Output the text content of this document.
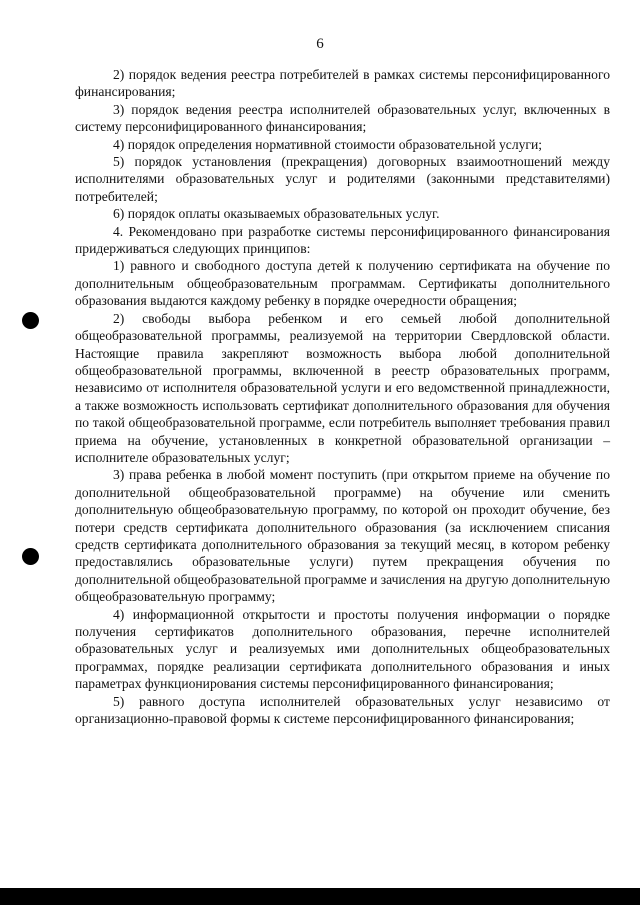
6

2) порядок ведения реестра потребителей в рамках системы персонифицированного финансирования;

3) порядок ведения реестра исполнителей образовательных услуг, включенных в систему персонифицированного финансирования;

4) порядок определения нормативной стоимости образовательной услуги;

5) порядок установления (прекращения) договорных взаимоотношений между исполнителями образовательных услуг и родителями (законными представителями) потребителей;

6) порядок оплаты оказываемых образовательных услуг.

4. Рекомендовано при разработке системы персонифицированного финансирования придерживаться следующих принципов:

1) равного и свободного доступа детей к получению сертификата на обучение по дополнительным общеобразовательным программам. Сертификаты дополнительного образования выдаются каждому ребенку в порядке очередности обращения;

2) свободы выбора ребенком и его семьей любой дополнительной общеобразовательной программы, реализуемой на территории Свердловской области. Настоящие правила закрепляют возможность выбора любой дополнительной общеобразовательной программы, включенной в реестр образовательных программ, независимо от исполнителя образовательной услуги и его ведомственной принадлежности, а также возможность использовать сертификат дополнительного образования для обучения по такой общеобразовательной программе, если потребитель выполняет требования правил приема на обучение, установленных в конкретной образовательной организации – исполнителе образовательных услуг;

3) права ребенка в любой момент поступить (при открытом приеме на обучение по дополнительной общеобразовательной программе) на обучение или сменить дополнительную общеобразовательную программу, по которой он проходит обучение, без потери средств сертификата дополнительного образования (за исключением списания средств сертификата дополнительного образования за текущий месяц, в котором ребенку предоставлялись образовательные услуги) путем прекращения обучения по дополнительной общеобразовательной программе и зачисления на другую дополнительную общеобразовательную программу;

4) информационной открытости и простоты получения информации о порядке получения сертификатов дополнительного образования, перечне исполнителей образовательных услуг и реализуемых ими дополнительных общеобразовательных программах, порядке реализации сертификата дополнительного образования и иных параметрах функционирования системы персонифицированного финансирования;

5) равного доступа исполнителей образовательных услуг независимо от организационно-правовой формы к системе персонифицированного финансирования;
